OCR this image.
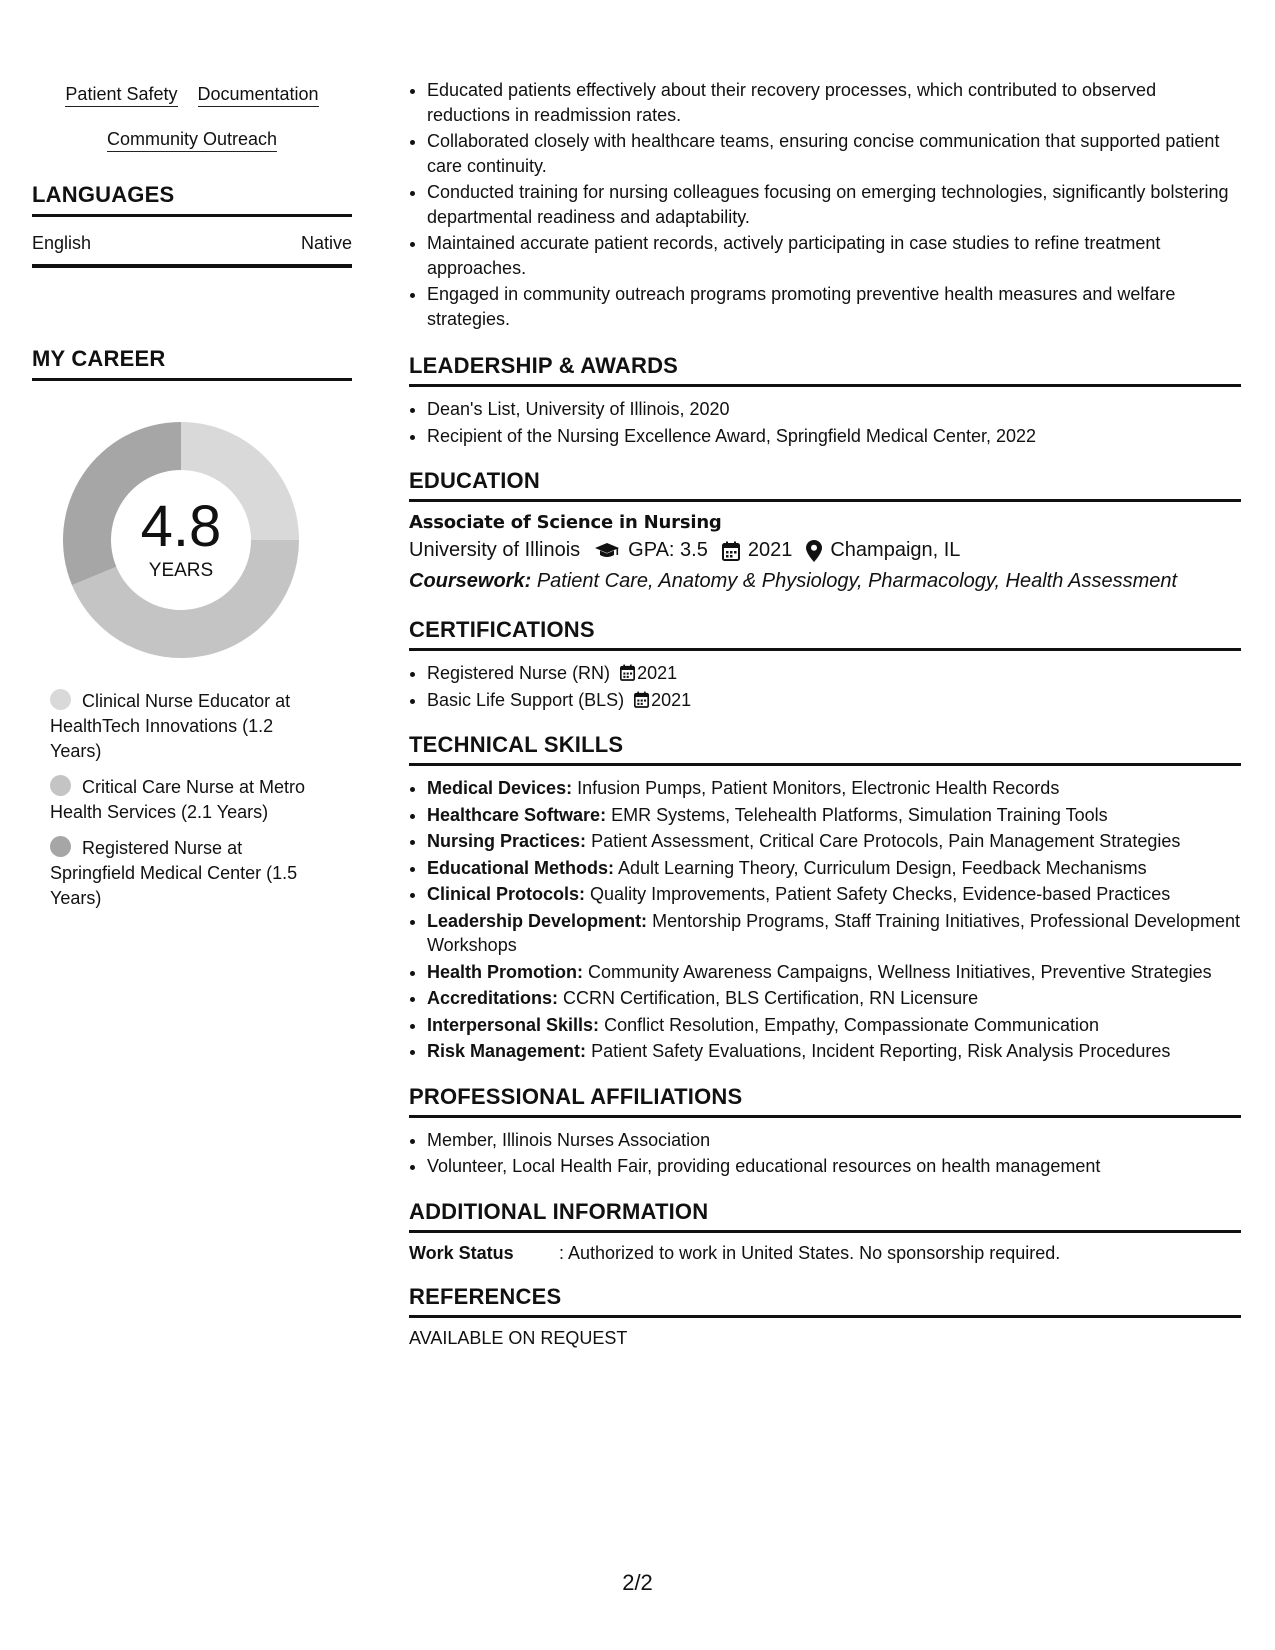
Patient Safety Documentation
Community Outreach
LANGUAGES
English	Native
MY CAREER
4.8
YEARS
Clinical Nurse Educator at HealthTech Innovations (1.2 Years)
Critical Care Nurse at Metro Health Services (2.1 Years)
Registered Nurse at Springfield Medical Center (1.5 Years)
• Educated patients effectively about their recovery processes, which contributed to observed reductions in readmission rates.
• Collaborated closely with healthcare teams, ensuring concise communication that supported patient care continuity.
• Conducted training for nursing colleagues focusing on emerging technologies, significantly bolstering departmental readiness and adaptability.
• Maintained accurate patient records, actively participating in case studies to refine treatment approaches.
• Engaged in community outreach programs promoting preventive health measures and welfare strategies.
LEADERSHIP & AWARDS
• Dean's List, University of Illinois, 2020
• Recipient of the Nursing Excellence Award, Springfield Medical Center, 2022
EDUCATION
Associate of Science in Nursing
University of Illinois GPA: 3.5 2021 Champaign, IL
Coursework: Patient Care, Anatomy & Physiology, Pharmacology, Health Assessment
CERTIFICATIONS
• Registered Nurse (RN) 2021
• Basic Life Support (BLS) 2021
TECHNICAL SKILLS
• Medical Devices: Infusion Pumps, Patient Monitors, Electronic Health Records
• Healthcare Software: EMR Systems, Telehealth Platforms, Simulation Training Tools
• Nursing Practices: Patient Assessment, Critical Care Protocols, Pain Management Strategies
• Educational Methods: Adult Learning Theory, Curriculum Design, Feedback Mechanisms
• Clinical Protocols: Quality Improvements, Patient Safety Checks, Evidence-based Practices
• Leadership Development: Mentorship Programs, Staff Training Initiatives, Professional Development Workshops
• Health Promotion: Community Awareness Campaigns, Wellness Initiatives, Preventive Strategies
• Accreditations: CCRN Certification, BLS Certification, RN Licensure
• Interpersonal Skills: Conflict Resolution, Empathy, Compassionate Communication
• Risk Management: Patient Safety Evaluations, Incident Reporting, Risk Analysis Procedures
PROFESSIONAL AFFILIATIONS
• Member, Illinois Nurses Association
• Volunteer, Local Health Fair, providing educational resources on health management
ADDITIONAL INFORMATION
Work Status	: Authorized to work in United States. No sponsorship required.
REFERENCES
AVAILABLE ON REQUEST
2/2
